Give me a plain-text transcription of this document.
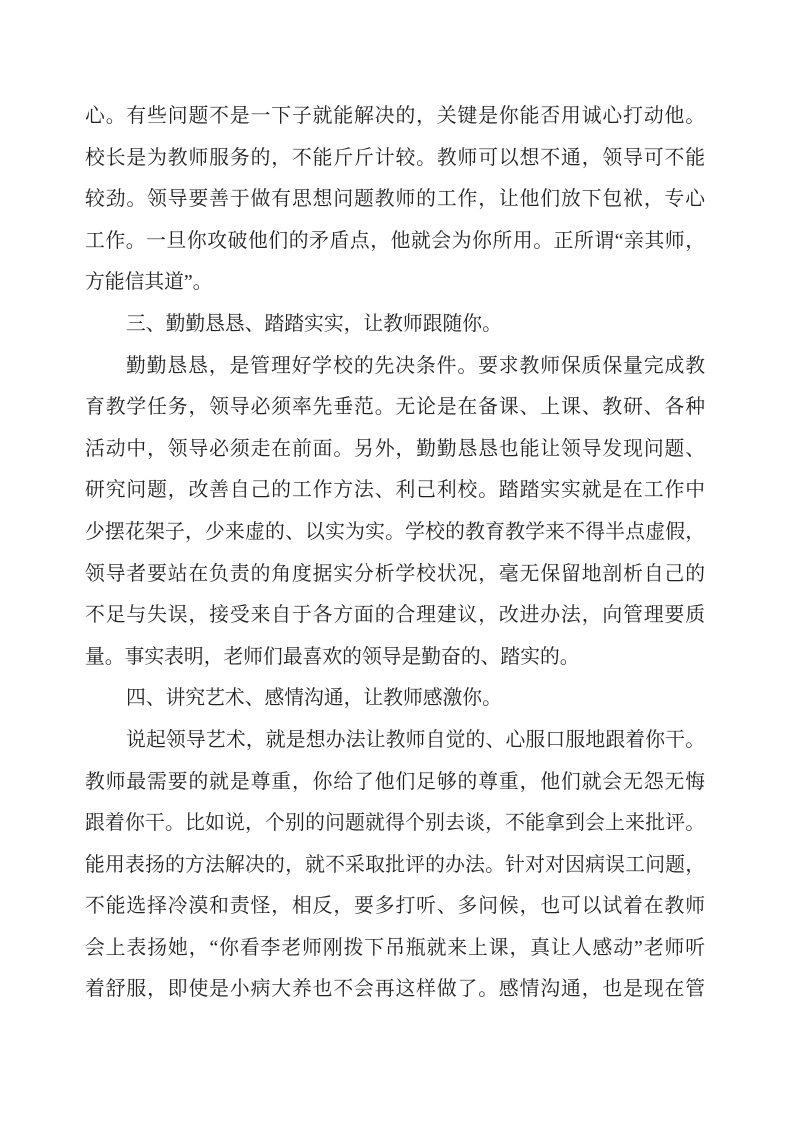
心。有些问题不是一下子就能解决的，关键是你能否用诚心打动他。
校长是为教师服务的，不能斤斤计较。教师可以想不通，领导可不能
较劲。领导要善于做有思想问题教师的工作，让他们放下包袱，专心
工作。一旦你攻破他们的矛盾点，他就会为你所用。正所谓“亲其师，
方能信其道”。
三、勤勤恳恳、踏踏实实，让教师跟随你。
勤勤恳恳，是管理好学校的先决条件。要求教师保质保量完成教
育教学任务，领导必须率先垂范。无论是在备课、上课、教研、各种
活动中，领导必须走在前面。另外，勤勤恳恳也能让领导发现问题、
研究问题，改善自己的工作方法、利己利校。踏踏实实就是在工作中
少摆花架子，少来虚的、以实为实。学校的教育教学来不得半点虚假，
领导者要站在负责的角度据实分析学校状况，毫无保留地剖析自己的
不足与失误，接受来自于各方面的合理建议，改进办法，向管理要质
量。事实表明，老师们最喜欢的领导是勤奋的、踏实的。
四、讲究艺术、感情沟通，让教师感激你。
说起领导艺术，就是想办法让教师自觉的、心服口服地跟着你干。
教师最需要的就是尊重，你给了他们足够的尊重，他们就会无怨无悔
跟着你干。比如说，个别的问题就得个别去谈，不能拿到会上来批评。
能用表扬的方法解决的，就不采取批评的办法。针对对因病误工问题，
不能选择冷漠和责怪，相反，要多打听、多问候，也可以试着在教师
会上表扬她，“你看李老师刚拨下吊瓶就来上课，真让人感动”老师听
着舒服，即使是小病大养也不会再这样做了。感情沟通，也是现在管
